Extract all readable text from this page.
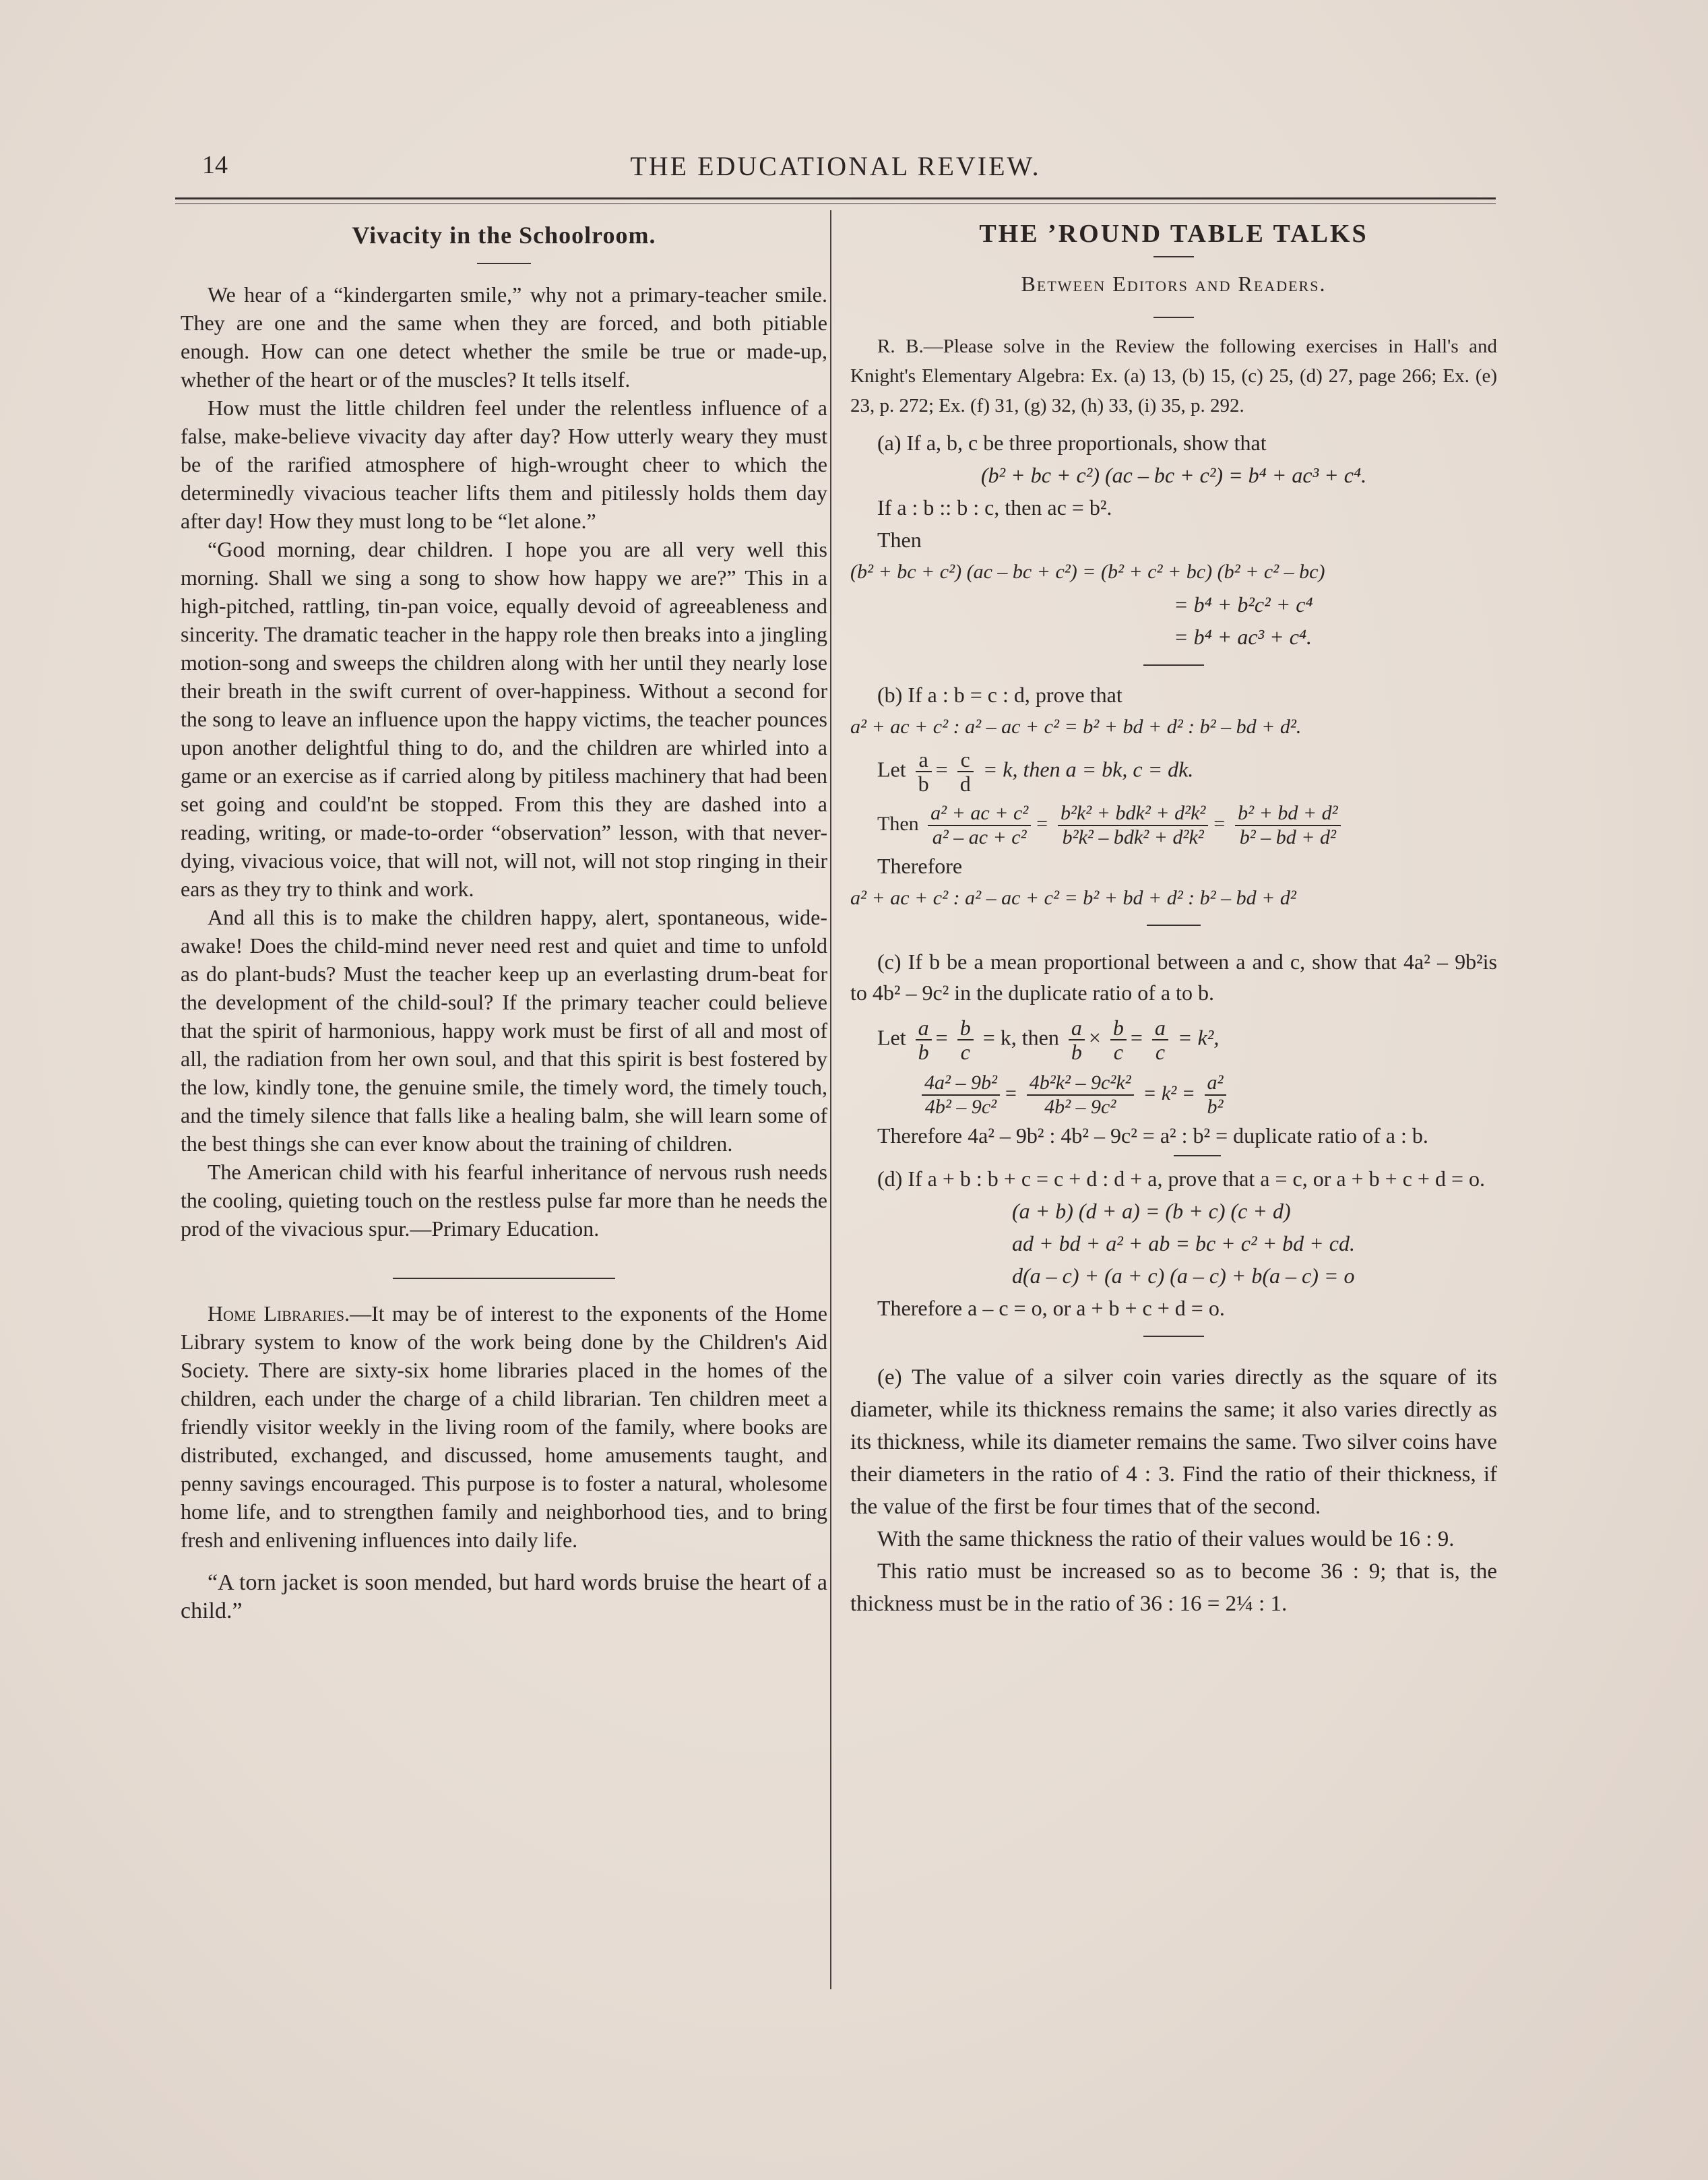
14	THE EDUCATIONAL REVIEW.
Vivacity in the Schoolroom.

We hear of a “kindergarten smile,” why not a primary-teacher smile. They are one and the same when they are forced, and both pitiable enough. How can one detect whether the smile be true or made-up, whether of the heart or of the muscles? It tells itself.

How must the little children feel under the relentless influence of a false, make-believe vivacity day after day? How utterly weary they must be of the rarified atmosphere of high-wrought cheer to which the determinedly vivacious teacher lifts them and pitilessly holds them day after day! How they must long to be “let alone.”

“Good morning, dear children. I hope you are all very well this morning. Shall we sing a song to show how happy we are?” This in a high-pitched, rattling, tin-pan voice, equally devoid of agreeableness and sincerity. The dramatic teacher in the happy role then breaks into a jingling motion-song and sweeps the children along with her until they nearly lose their breath in the swift current of over-happiness. Without a second for the song to leave an influence upon the happy victims, the teacher pounces upon another delightful thing to do, and the children are whirled into a game or an exercise as if carried along by pitiless machinery that had been set going and could'nt be stopped. From this they are dashed into a reading, writing, or made-to-order “observation” lesson, with that never-dying, vivacious voice, that will not, will not, will not stop ringing in their ears as they try to think and work.

And all this is to make the children happy, alert, spontaneous, wide-awake! Does the child-mind never need rest and quiet and time to unfold as do plant-buds? Must the teacher keep up an everlasting drum-beat for the development of the child-soul? If the primary teacher could believe that the spirit of harmonious, happy work must be first of all and most of all, the radiation from her own soul, and that this spirit is best fostered by the low, kindly tone, the genuine smile, the timely word, the timely touch, and the timely silence that falls like a healing balm, she will learn some of the best things she can ever know about the training of children.

The American child with his fearful inheritance of nervous rush needs the cooling, quieting touch on the restless pulse far more than he needs the prod of the vivacious spur.—Primary Education.

Home Libraries.—It may be of interest to the exponents of the Home Library system to know of the work being done by the Children's Aid Society. There are sixty-six home libraries placed in the homes of the children, each under the charge of a child librarian. Ten children meet a friendly visitor weekly in the living room of the family, where books are distributed, exchanged, and discussed, home amusements taught, and penny savings encouraged. This purpose is to foster a natural, wholesome home life, and to strengthen family and neighborhood ties, and to bring fresh and enlivening influences into daily life.

“A torn jacket is soon mended, but hard words bruise the heart of a child.”

THE ’ROUND TABLE TALKS
Between Editors and Readers.

R. B.—Please solve in the Review the following exercises in Hall's and Knight's Elementary Algebra: Ex. (a) 13, (b) 15, (c) 25, (d) 27, page 266; Ex. (e) 23, p. 272; Ex. (f) 31, (g) 32, (h) 33, (i) 35, p. 292.

(a) If a, b, c be three proportionals, show that

(b² + bc + c²) (ac – bc + c²) = b⁴ + ac³ + c⁴.
If a : b :: b : c, then ac = b².
Then
(b² + bc + c²) (ac – bc + c²) = (b² + c² + bc) (b² + c² – bc)
= b⁴ + b²c² + c⁴
= b⁴ + ac³ + c⁴.

(b) If a : b = c : d, prove that

a² + ac + c² : a² – ac + c² = b² + bd + d² : b² – bd + d².
Let $\frac{a}{b} = \frac{c}{d} = k$, then a = bk, c = dk.
Then $\frac{\text{a² + ac + c²}}{\text{a² – ac + c²}} = \frac{\text{b²k² + bdk² + d²k²}}{\text{b²k² – bdk² + d²k²}} = \frac{\text{b² + bd + d²}}{\text{b² – bd + d²}}$
Therefore
a² + ac + c² : a² – ac + c² = b² + bd + d² : b² – bd + d²

(c) If b be a mean proportional between a and c, show that 4a² – 9b²is to 4b² – 9c² in the duplicate ratio of a to b.

Let $\frac{a}{b} = \frac{b}{c} = k$, then $\frac{a}{b} \times \frac{b}{c} = \frac{a}{c} = k^2$,
$\frac{\text{4a² – 9b²}}{\text{4b² – 9c²}} = \frac{\text{4b²k² – 9c²k²}}{\text{4b² – 9c²}} = k^2 = \frac{\text{a²}}{\text{b²}}$

Therefore 4a² – 9b² : 4b² – 9c² = a² : b² = duplicate ratio of a : b.

(d) If a + b : b + c = c + d : d + a, prove that a = c, or a + b + c + d = o.

(a + b) (d + a) = (b + c) (c + d)
ad + bd + a² + ab = bc + c² + bd + cd.
d(a – c) + (a + c) (a – c) + b(a – c) = o
Therefore a – c = o, or a + b + c + d = o.

(e) The value of a silver coin varies directly as the square of its diameter, while its thickness remains the same; it also varies directly as its thickness, while its diameter remains the same. Two silver coins have their diameters in the ratio of 4 : 3. Find the ratio of their thickness, if the value of the first be four times that of the second.

With the same thickness the ratio of their values would be 16 : 9.

This ratio must be increased so as to become 36 : 9; that is, the thickness must be in the ratio of 36 : 16 = 2¼ : 1.
